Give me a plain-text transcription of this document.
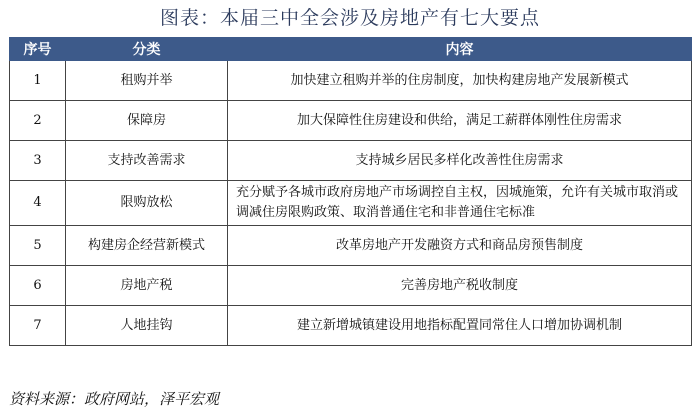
图表：本届三中全会涉及房地产有七大要点
序号	分类	内容
1	租购并举	加快建立租购并举的住房制度，加快构建房地产发展新模式
2	保障房	加大保障性住房建设和供给，满足工薪群体刚性住房需求
3	支持改善需求	支持城乡居民多样化改善性住房需求
4	限购放松	充分赋予各城市政府房地产市场调控自主权，因城施策，允许有关城市取消或调减住房限购政策、取消普通住宅和非普通住宅标准
5	构建房企经营新模式	改革房地产开发融资方式和商品房预售制度
6	房地产税	完善房地产税收制度
7	人地挂钩	建立新增城镇建设用地指标配置同常住人口增加协调机制
资料来源：政府网站，泽平宏观
